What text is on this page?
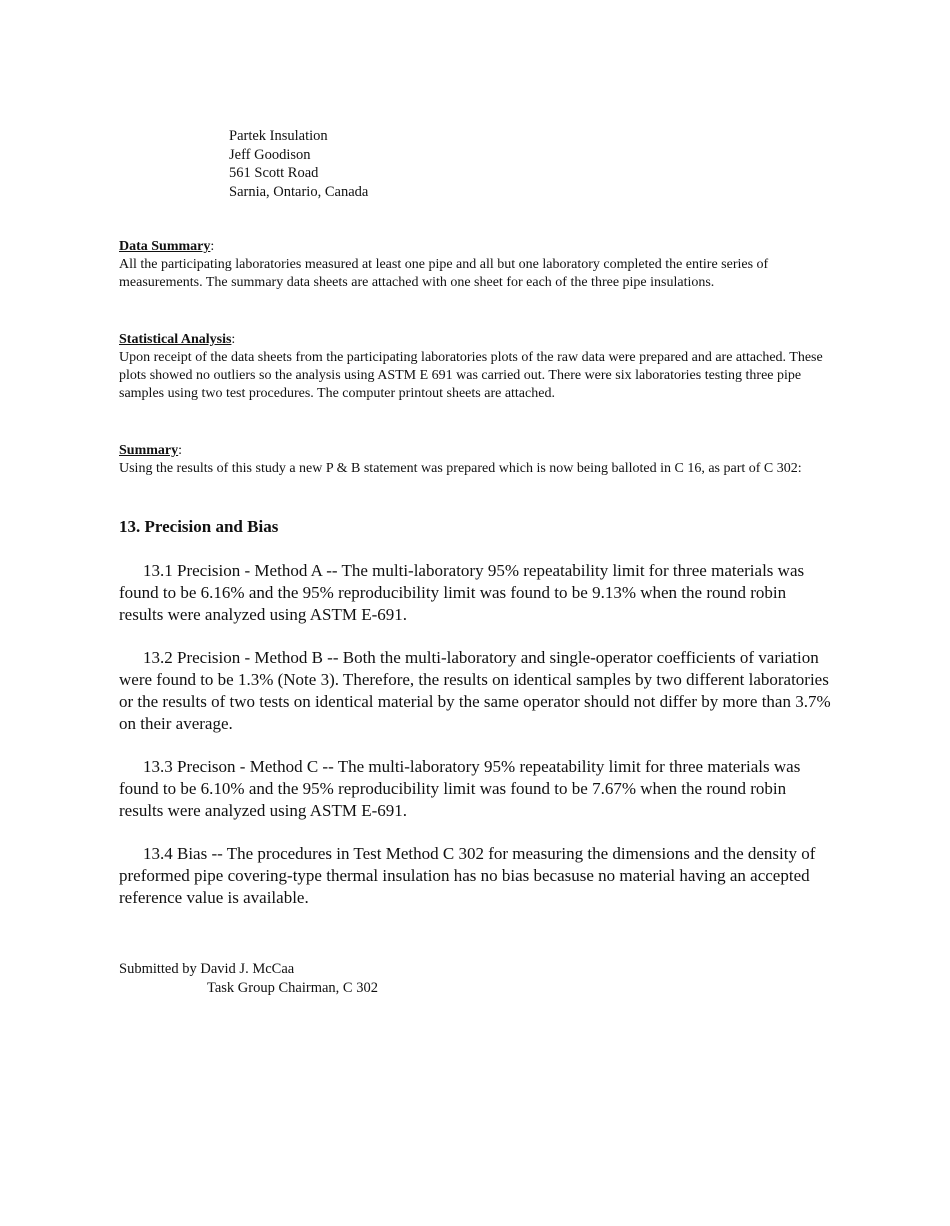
Partek Insulation
Jeff Goodison
561 Scott Road
Sarnia, Ontario, Canada
Data Summary:

All the participating laboratories measured at least one pipe and all but one laboratory completed the entire series of measurements. The summary data sheets are attached with one sheet for each of the three pipe insulations.

Statistical Analysis:

Upon receipt of the data sheets from the participating laboratories plots of the raw data were prepared and are attached. These plots showed no outliers so the analysis using ASTM E 691 was carried out. There were six laboratories testing three pipe samples using two test procedures. The computer printout sheets are attached.

Summary:

Using the results of this study a new P & B statement was prepared which is now being balloted in C 16, as part of C 302:

13. Precision and Bias

13.1 Precision - Method A -- The multi-laboratory 95% repeatability limit for three materials was found to be 6.16% and the 95% reproducibility limit was found to be 9.13% when the round robin results were analyzed using ASTM E-691.

13.2 Precision - Method B -- Both the multi-laboratory and single-operator coefficients of variation were found to be 1.3% (Note 3). Therefore, the results on identical samples by two different laboratories or the results of two tests on identical material by the same operator should not differ by more than 3.7% on their average.

13.3 Precison - Method C -- The multi-laboratory 95% repeatability limit for three materials was found to be 6.10% and the 95% reproducibility limit was found to be 7.67% when the round robin results were analyzed using ASTM E-691.

13.4 Bias -- The procedures in Test Method C 302 for measuring the dimensions and the density of preformed pipe covering-type thermal insulation has no bias becasuse no material having an accepted reference value is available.

Submitted by David J. McCaa
Task Group Chairman, C 302
